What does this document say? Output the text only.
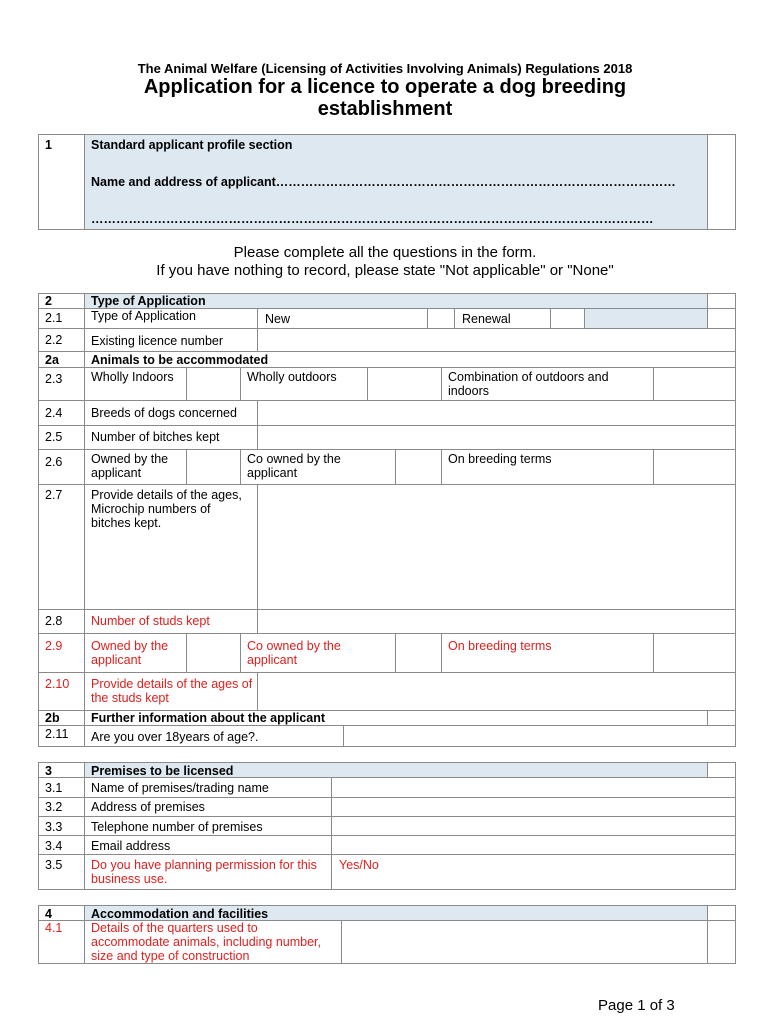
The Animal Welfare (Licensing of Activities Involving Animals) Regulations 2018
Application for a licence to operate a dog breeding establishment
1	Standard applicant profile section
Name and address of applicant……………………………………………………………………………………
………………………………………………………………………………………………………………………
Please complete all the questions in the form.
If you have nothing to record, please state "Not applicable" or "None"
2	Type of Application
2.1 Type of Application	New	Renewal
2.2 Existing licence number
2a	Animals to be accommodated
2.3 Wholly Indoors	Wholly outdoors	Combination of outdoors and indoors
2.4 Breeds of dogs concerned
2.5 Number of bitches kept
2.6 Owned by the applicant
Co owned by the applicant
On breeding terms
2.7 Provide details of the ages, Microchip numbers of bitches kept.
2.8 Number of studs kept
2.9 Owned by the applicant
Co owned by the applicant
On breeding terms
2.10 Provide details of the ages of the studs kept
2b	Further information about the applicant
2.11 Are you over 18years of age?.
3	Premises to be licensed
3.1 Name of premises/trading name
3.2 Address of premises
3.3 Telephone number of premises
3.4 Email address
3.5 Do you have planning permission for this business use.
Yes/No
4	Accommodation and facilities
4.1 Details of the quarters used to accommodate animals, including number, size and type of construction
Page 1 of 3
